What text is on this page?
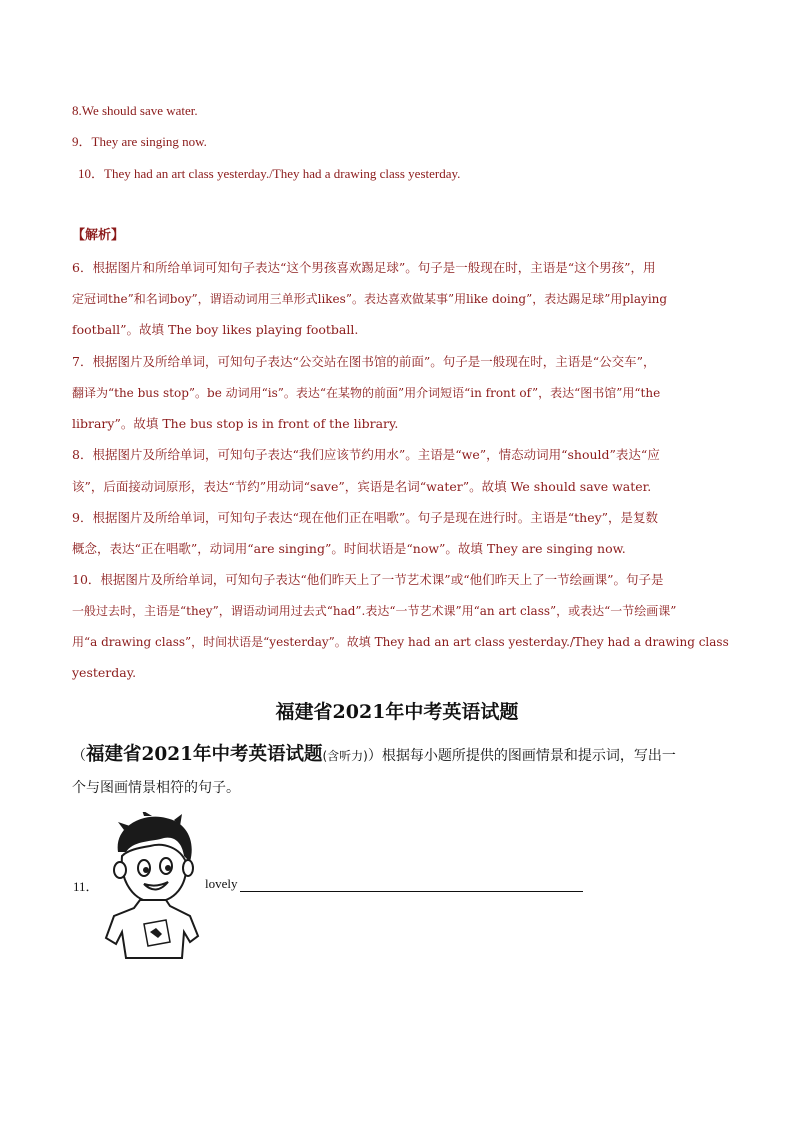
8.We should save water.
9．They are singing now.
10．They had an art class yesterday./They had a drawing class yesterday.
【解析】
6．根据图片和所给单词可知句子表达“这个男孩喜欢踢足球”。句子是一般现在时，主语是“这个男孩”，用
定冠词the”和名词boy”，谓语动词用三单形式likes”。表达喜欢做某事”用like doing”，表达踢足球”用playing
football”。故填 The boy likes playing football.
7．根据图片及所给单词，可知句子表达“公交站在图书馆的前面”。句子是一般现在时，主语是“公交车”，
翻译为“the bus stop”。be 动词用“is”。表达“在某物的前面”用介词短语“in front of”，表达“图书馆”用“the
library”。故填 The bus stop is in front of the library.
8．根据图片及所给单词，可知句子表达“我们应该节约用水”。主语是“we”，情态动词用“should”表达“应
该”，后面接动词原形，表达“节约”用动词“save”，宾语是名词“water”。故填 We should save water.
9．根据图片及所给单词，可知句子表达“现在他们正在唱歌”。句子是现在进行时。主语是“they”，是复数
概念，表达“正在唱歌”，动词用“are singing”。时间状语是“now”。故填 They are singing now.
10．根据图片及所给单词，可知句子表达“他们昨天上了一节艺术课”或“他们昨天上了一节绘画课”。句子是
一般过去时，主语是“they”，谓语动词用过去式“had”.表达“一节艺术课”用“an art class”，或表达“一节绘画课”
用“a drawing class”，时间状语是“yesterday”。故填 They had an art class yesterday./They had a drawing class
yesterday.
福建省2021年中考英语试题
（福建省2021年中考英语试题(含听力)）根据每小题所提供的图画情景和提示词，写出一
个与图画情景相符的句子。
11．	lovely
